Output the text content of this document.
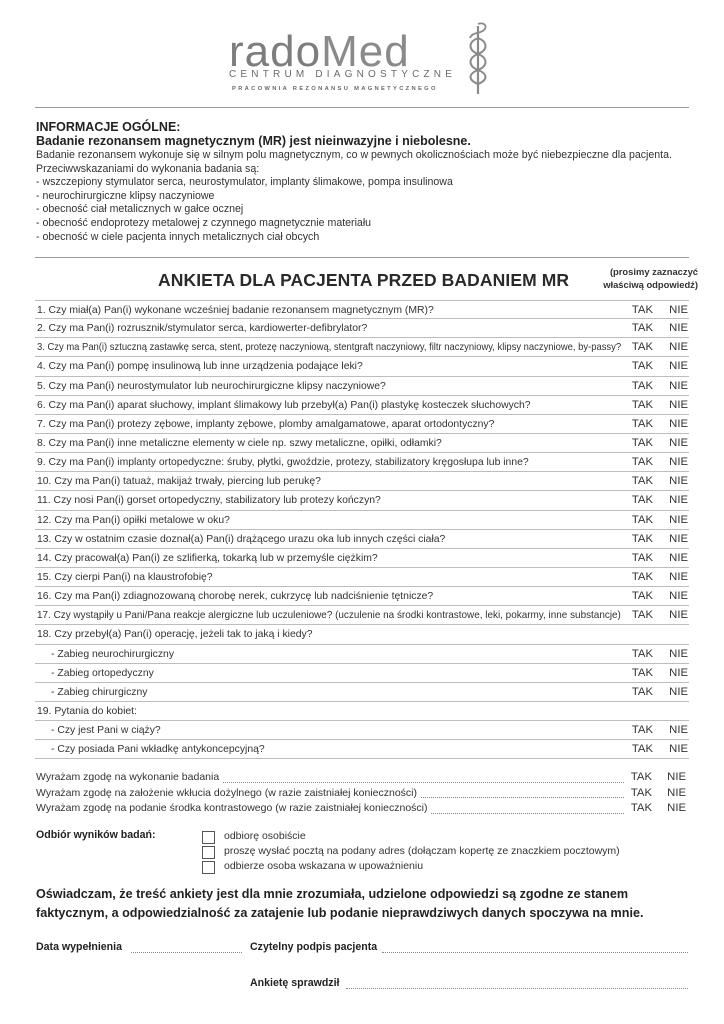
radoMed
CENTRUM DIAGNOSTYCZNE
PRACOWNIA REZONANSU MAGNETYCZNEGO
INFORMACJE OGÓLNE:
Badanie rezonansem magnetycznym (MR) jest nieinwazyjne i niebolesne.
Badanie rezonansem wykonuje się w silnym polu magnetycznym, co w pewnych okolicznościach może być niebezpieczne dla pacjenta.
Przeciwwskazaniami do wykonania badania są:
- wszczepiony stymulator serca, neurostymulator, implanty ślimakowe, pompa insulinowa
- neurochirurgiczne klipsy naczyniowe
- obecność ciał metalicznych w gałce ocznej
- obecność endoprotezy metalowej z czynnego magnetycznie materiału
- obecność w ciele pacjenta innych metalicznych ciał obcych
ANKIETA DLA PACJENTA PRZED BADANIEM MR	(prosimy zaznaczyć
właściwą odpowiedź)
1. Czy miał(a) Pan(i) wykonane wcześniej badanie rezonansem magnetycznym (MR)?	TAK NIE
2. Czy ma Pan(i) rozrusznik/stymulator serca, kardiowerter-defibrylator?	TAK NIE
3. Czy ma Pan(i) sztuczną zastawkę serca, stent, protezę naczyniową, stentgraft naczyniowy, filtr naczyniowy, klipsy naczyniowe, by-passy? TAK NIE
4. Czy ma Pan(i) pompę insulinową lub inne urządzenia podające leki?	TAK NIE
5. Czy ma Pan(i) neurostymulator lub neurochirurgiczne klipsy naczyniowe?	TAK NIE
6. Czy ma Pan(i) aparat słuchowy, implant ślimakowy lub przebył(a) Pan(i) plastykę kosteczek słuchowych?	TAK NIE
7. Czy ma Pan(i) protezy zębowe, implanty zębowe, plomby amalgamatowe, aparat ortodontyczny?	TAK NIE
8. Czy ma Pan(i) inne metaliczne elementy w ciele np. szwy metaliczne, opiłki, odłamki?	TAK NIE
9. Czy ma Pan(i) implanty ortopedyczne: śruby, płytki, gwoździe, protezy, stabilizatory kręgosłupa lub inne?	TAK NIE
10. Czy ma Pan(i) tatuaż, makijaż trwały, piercing lub perukę?	TAK NIE
11. Czy nosi Pan(i) gorset ortopedyczny, stabilizatory lub protezy kończyn?	TAK NIE
12. Czy ma Pan(i) opiłki metalowe w oku?	TAK NIE
13. Czy w ostatnim czasie doznał(a) Pan(i) drążącego urazu oka lub innych części ciała?	TAK NIE
14. Czy pracował(a) Pan(i) ze szlifierką, tokarką lub w przemyśle ciężkim?	TAK NIE
15. Czy cierpi Pan(i) na klaustrofobię?	TAK NIE
16. Czy ma Pan(i) zdiagnozowaną chorobę nerek, cukrzycę lub nadciśnienie tętnicze?	TAK NIE
17. Czy wystąpiły u Pani/Pana reakcje alergiczne lub uczuleniowe? (uczulenie na środki kontrastowe, leki, pokarmy, inne substancje) TAK NIE
18. Czy przebył(a) Pan(i) operację, jeżeli tak to jaką i kiedy?
- Zabieg neurochirurgiczny	TAK NIE
- Zabieg ortopedyczny	TAK NIE
- Zabieg chirurgiczny	TAK NIE
19. Pytania do kobiet:
- Czy jest Pani w ciąży?	TAK NIE
- Czy posiada Pani wkładkę antykoncepcyjną?	TAK NIE
Wyrażam zgodę na wykonanie badania	TAK NIE
Wyrażam zgodę na założenie wkłucia dożylnego (w razie zaistniałej konieczności)	TAK NIE
Wyrażam zgodę na podanie środka kontrastowego (w razie zaistniałej konieczności)	TAK NIE
Odbiór wyników badań:	odbiorę osobiście
proszę wysłać pocztą na podany adres (dołączam kopertę ze znaczkiem pocztowym)
odbierze osoba wskazana w upoważnieniu
Oświadczam, że treść ankiety jest dla mnie zrozumiała, udzielone odpowiedzi są zgodne ze stanem faktycznym, a odpowiedzialność za zatajenie lub podanie nieprawdziwych danych spoczywa na mnie.
Data wypełnienia	Czytelny podpis pacjenta
Ankietę sprawdził
